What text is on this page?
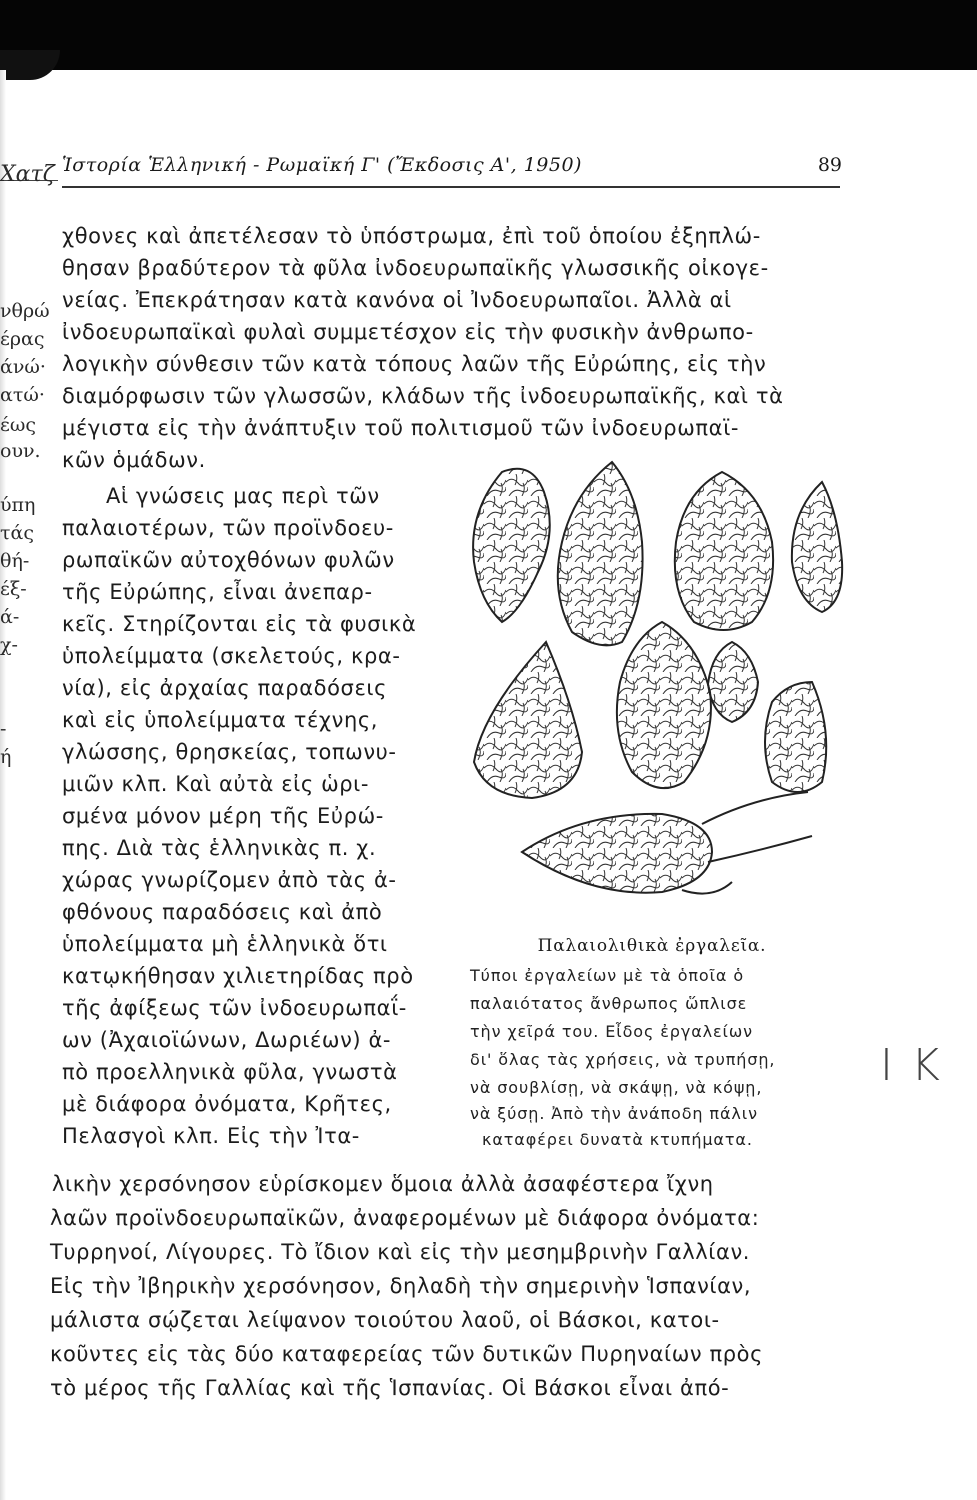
Ἱστορία Ἑλληνική - Ρωμαϊκή Γ' (Ἔκδοσις Α', 1950)	89
Χατζ
νθρώ
έρας
άνώ·
ατώ·
έως
ουν.
ύπη
τάς
θή-
έξ-
ά-
χ-
-
ή
χθονες καὶ ἀπετέλεσαν τὸ ὑπόστρωμα, ἐπὶ τοῦ ὁποίου ἐξηπλώ-
θησαν βραδύτερον τὰ φῦλα ἰνδοευρωπαϊκῆς γλωσσικῆς οἰκογε-
νείας. Ἐπεκράτησαν κατὰ κανόνα οἱ Ἰνδοευρωπαῖοι. Ἀλλὰ αἱ
ἰνδοευρωπαϊκαὶ φυλαὶ συμμετέσχον εἰς τὴν φυσικὴν ἀνθρωπο-
λογικὴν σύνθεσιν τῶν κατὰ τόπους λαῶν τῆς Εὐρώπης, εἰς τὴν
διαμόρφωσιν τῶν γλωσσῶν, κλάδων τῆς ἰνδοευρωπαϊκῆς, καὶ τὰ
μέγιστα εἰς τὴν ἀνάπτυξιν τοῦ πολιτισμοῦ τῶν ἰνδοευρωπαϊ-
κῶν ὁμάδων.
Αἱ γνώσεις μας περὶ τῶν
παλαιοτέρων, τῶν προϊνδοευ-
ρωπαϊκῶν αὐτοχθόνων φυλῶν
τῆς Εὐρώπης, εἶναι ἀνεπαρ-
κεῖς. Στηρίζονται εἰς τὰ φυσικὰ
ὑπολείμματα (σκελετούς, κρα-
νία), εἰς ἀρχαίας παραδόσεις
καὶ εἰς ὑπολείμματα τέχνης,
γλώσσης, θρησκείας, τοπωνυ-
μιῶν κλπ. Καὶ αὐτὰ εἰς ὡρι-
σμένα μόνον μέρη τῆς Εὐρώ-
πης. Διὰ τὰς ἑλληνικὰς π. χ.
χώρας γνωρίζομεν ἀπὸ τὰς ἀ-
φθόνους παραδόσεις καὶ ἀπὸ
ὑπολείμματα μὴ ἑλληνικὰ ὅτι
κατῳκήθησαν χιλιετηρίδας πρὸ
τῆς ἀφίξεως τῶν ἰνδοευρωπαΐ-
ων (Ἀχαιοϊώνων, Δωριέων) ἀ-
πὸ προελληνικὰ φῦλα, γνωστὰ
μὲ διάφορα ὀνόματα, Κρῆτες,
Πελασγοὶ κλπ. Εἰς τὴν Ἰτα-
λικὴν χερσόνησον εὑρίσκομεν ὅμοια ἀλλὰ ἀσαφέστερα ἴχνη
λαῶν προϊνδοευρωπαϊκῶν, ἀναφερομένων μὲ διάφορα ὀνόματα:
Τυρρηνοί, Λίγουρες. Τὸ ἴδιον καὶ εἰς τὴν μεσημβρινὴν Γαλλίαν.
Εἰς τὴν Ἰβηρικὴν χερσόνησον, δηλαδὴ τὴν σημερινὴν Ἱσπανίαν,
μάλιστα σῴζεται λείψανον τοιούτου λαοῦ, οἱ Βάσκοι, κατοι-
κοῦντες εἰς τὰς δύο καταφερείας τῶν δυτικῶν Πυρηναίων πρὸς
τὸ μέρος τῆς Γαλλίας καὶ τῆς Ἱσπανίας. Οἱ Βάσκοι εἶναι ἀπό-
Παλαιολιθικὰ ἐργαλεῖα.
Τύποι ἐργαλείων μὲ τὰ ὁποῖα ὁ
παλαιότατος ἄνθρωπος ὥπλισε
τὴν χεῖρά του. Εἶδος ἐργαλείων
δι' ὅλας τὰς χρήσεις, νὰ τρυπήσῃ,
νὰ σουβλίσῃ, νὰ σκάψῃ, νὰ κόψῃ,
νὰ ξύσῃ. Ἀπὸ τὴν ἀνάποδη πάλιν
καταφέρει δυνατὰ κτυπήματα.
ΙΚ
